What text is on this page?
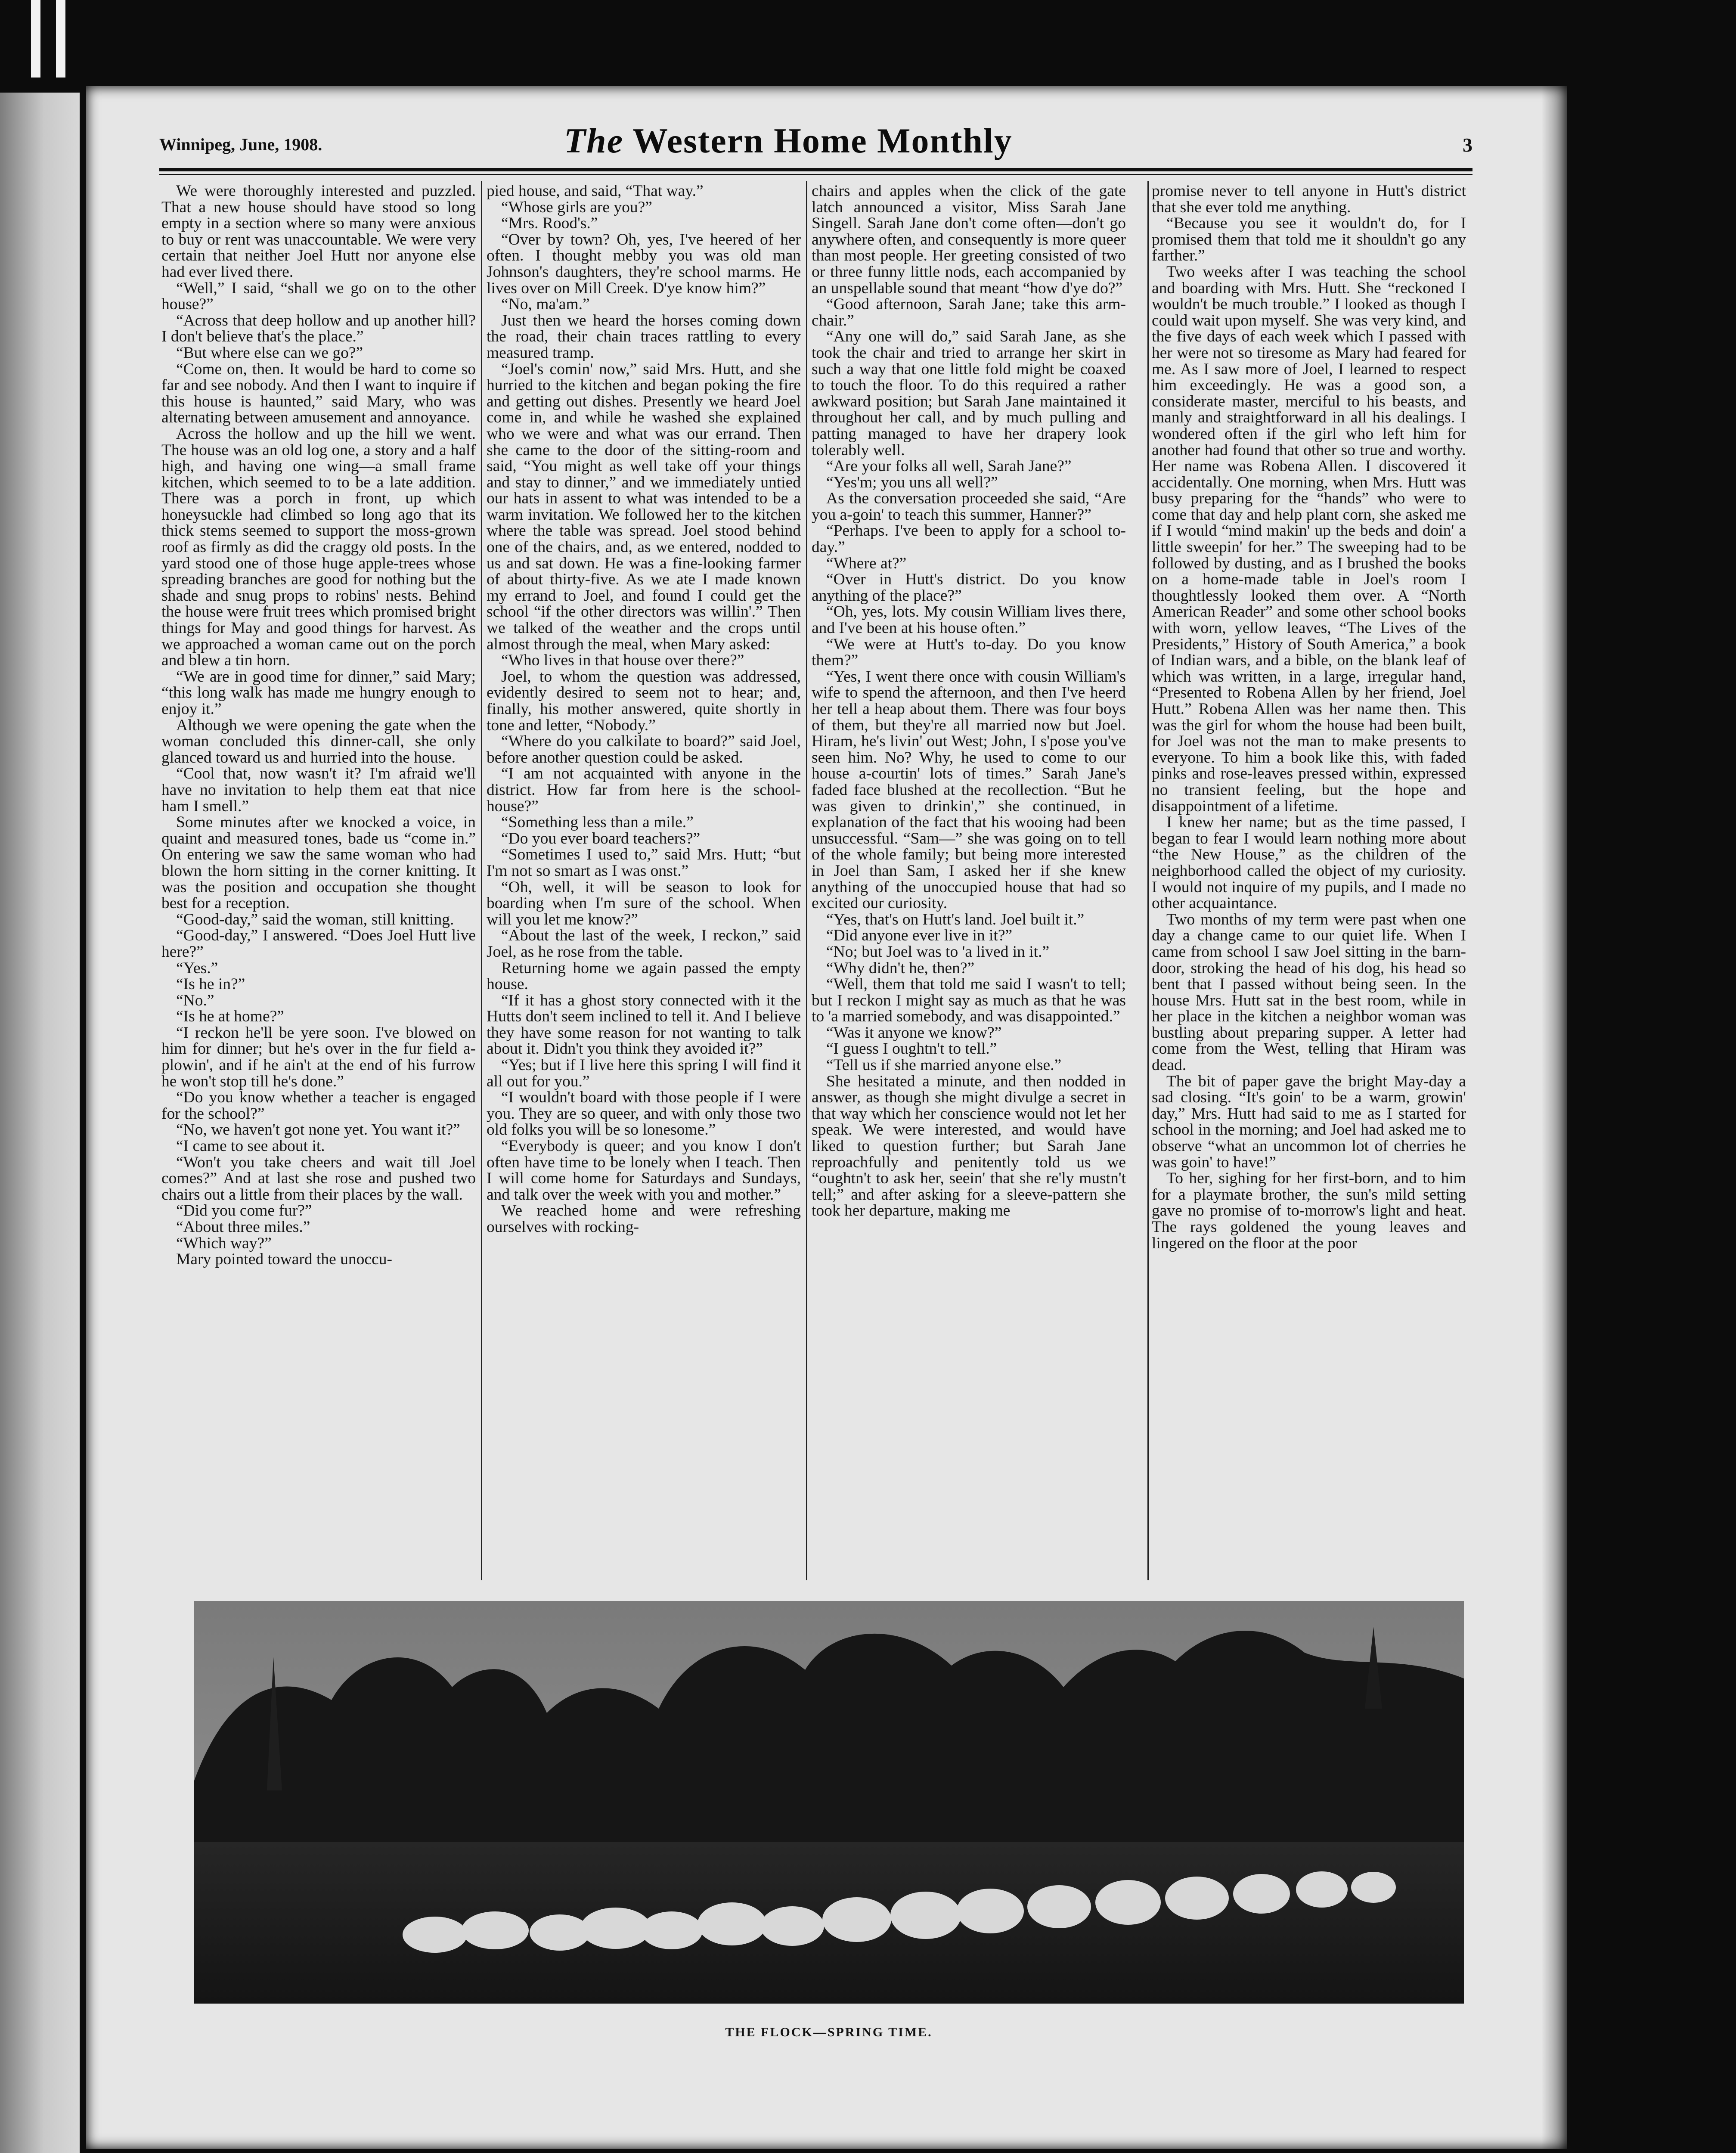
Winnipeg, June, 1908.	The Western Home Monthly	3

We were thoroughly interested and puzzled. That a new house should have stood so long empty in a section where so many were anxious to buy or rent was unaccountable. We were very certain that neither Joel Hutt nor anyone else had ever lived there.

“Well,” I said, “shall we go on to the other house?”

“Across that deep hollow and up another hill? I don't believe that's the place.”

“But where else can we go?”

“Come on, then. It would be hard to come so far and see nobody. And then I want to inquire if this house is haunted,” said Mary, who was alternating between amusement and annoyance.

Across the hollow and up the hill we went. The house was an old log one, a story and a half high, and having one wing—a small frame kitchen, which seemed to to be a late addition. There was a porch in front, up which honeysuckle had climbed so long ago that its thick stems seemed to support the moss-grown roof as firmly as did the craggy old posts. In the yard stood one of those huge apple-trees whose spreading branches are good for nothing but the shade and snug props to robins' nests. Behind the house were fruit trees which promised bright things for May and good things for harvest. As we approached a woman came out on the porch and blew a tin horn.

“We are in good time for dinner,” said Mary; “this long walk has made me hungry enough to enjoy it.”

Although we were opening the gate when the woman concluded this dinner-call, she only glanced toward us and hurried into the house.

“Cool that, now wasn't it? I'm afraid we'll have no invitation to help them eat that nice ham I smell.”

Some minutes after we knocked a voice, in quaint and measured tones, bade us “come in.” On entering we saw the same woman who had blown the horn sitting in the corner knitting. It was the position and occupation she thought best for a reception.

“Good-day,” said the woman, still knitting.

“Good-day,” I answered. “Does Joel Hutt live here?”

“Yes.”

“Is he in?”

“No.”

“Is he at home?”

“I reckon he'll be yere soon. I've blowed on him for dinner; but he's over in the fur field a-plowin', and if he ain't at the end of his furrow he won't stop till he's done.”

“Do you know whether a teacher is engaged for the school?”

“No, we haven't got none yet. You want it?”

“I came to see about it.

“Won't you take cheers and wait till Joel comes?” And at last she rose and pushed two chairs out a little from their places by the wall.

“Did you come fur?”

“About three miles.”

“Which way?”

Mary pointed toward the unoccu-

pied house, and said, “That way.”

“Whose girls are you?”

“Mrs. Rood's.”

“Over by town? Oh, yes, I've heered of her often. I thought mebby you was old man Johnson's daughters, they're school marms. He lives over on Mill Creek. D'ye know him?”

“No, ma'am.”

Just then we heard the horses coming down the road, their chain traces rattling to every measured tramp.

“Joel's comin' now,” said Mrs. Hutt, and she hurried to the kitchen and began poking the fire and getting out dishes. Presently we heard Joel come in, and while he washed she explained who we were and what was our errand. Then she came to the door of the sitting-room and said, “You might as well take off your things and stay to dinner,” and we immediately untied our hats in assent to what was intended to be a warm invitation. We followed her to the kitchen where the table was spread. Joel stood behind one of the chairs, and, as we entered, nodded to us and sat down. He was a fine-looking farmer of about thirty-five. As we ate I made known my errand to Joel, and found I could get the school “if the other directors was willin'.” Then we talked of the weather and the crops until almost through the meal, when Mary asked:

“Who lives in that house over there?”

Joel, to whom the question was addressed, evidently desired to seem not to hear; and, finally, his mother answered, quite shortly in tone and letter, “Nobody.”

“Where do you calkilate to board?” said Joel, before another question could be asked.

“I am not acquainted with anyone in the district. How far from here is the school-house?”

“Something less than a mile.”

“Do you ever board teachers?”

“Sometimes I used to,” said Mrs. Hutt; “but I'm not so smart as I was onst.”

“Oh, well, it will be season to look for boarding when I'm sure of the school. When will you let me know?”

“About the last of the week, I reckon,” said Joel, as he rose from the table.

Returning home we again passed the empty house.

“If it has a ghost story connected with it the Hutts don't seem inclined to tell it. And I believe they have some reason for not wanting to talk about it. Didn't you think they avoided it?”

“Yes; but if I live here this spring I will find it all out for you.”

“I wouldn't board with those people if I were you. They are so queer, and with only those two old folks you will be so lonesome.”

“Everybody is queer; and you know I don't often have time to be lonely when I teach. Then I will come home for Saturdays and Sundays, and talk over the week with you and mother.”

We reached home and were refreshing ourselves with rocking-

chairs and apples when the click of the gate latch announced a visitor, Miss Sarah Jane Singell. Sarah Jane don't come often—don't go anywhere often, and consequently is more queer than most people. Her greeting consisted of two or three funny little nods, each accompanied by an unspellable sound that meant “how d'ye do?”

“Good afternoon, Sarah Jane; take this arm-chair.”

“Any one will do,” said Sarah Jane, as she took the chair and tried to arrange her skirt in such a way that one little fold might be coaxed to touch the floor. To do this required a rather awkward position; but Sarah Jane maintained it throughout her call, and by much pulling and patting managed to have her drapery look tolerably well.

“Are your folks all well, Sarah Jane?”

“Yes'm; you uns all well?”

As the conversation proceeded she said, “Are you a-goin' to teach this summer, Hanner?”

“Perhaps. I've been to apply for a school to-day.”

“Where at?”

“Over in Hutt's district. Do you know anything of the place?”

“Oh, yes, lots. My cousin William lives there, and I've been at his house often.”

“We were at Hutt's to-day. Do you know them?”

“Yes, I went there once with cousin William's wife to spend the afternoon, and then I've heerd her tell a heap about them. There was four boys of them, but they're all married now but Joel. Hiram, he's livin' out West; John, I s'pose you've seen him. No? Why, he used to come to our house a-courtin' lots of times.” Sarah Jane's faded face blushed at the recollection. “But he was given to drinkin',” she continued, in explanation of the fact that his wooing had been unsuccessful. “Sam—” she was going on to tell of the whole family; but being more interested in Joel than Sam, I asked her if she knew anything of the unoccupied house that had so excited our curiosity.

“Yes, that's on Hutt's land. Joel built it.”

“Did anyone ever live in it?”

“No; but Joel was to 'a lived in it.”

“Why didn't he, then?”

“Well, them that told me said I wasn't to tell; but I reckon I might say as much as that he was to 'a married somebody, and was disappointed.”

“Was it anyone we know?”

“I guess I oughtn't to tell.”

“Tell us if she married anyone else.”

She hesitated a minute, and then nodded in answer, as though she might divulge a secret in that way which her conscience would not let her speak. We were interested, and would have liked to question further; but Sarah Jane reproachfully and penitently told us we “oughtn't to ask her, seein' that she re'ly mustn't tell;” and after asking for a sleeve-pattern she took her departure, making me

promise never to tell anyone in Hutt's district that she ever told me anything.

“Because you see it wouldn't do, for I promised them that told me it shouldn't go any farther.”

Two weeks after I was teaching the school and boarding with Mrs. Hutt. She “reckoned I wouldn't be much trouble.” I looked as though I could wait upon myself. She was very kind, and the five days of each week which I passed with her were not so tiresome as Mary had feared for me. As I saw more of Joel, I learned to respect him exceedingly. He was a good son, a considerate master, merciful to his beasts, and manly and straightforward in all his dealings. I wondered often if the girl who left him for another had found that other so true and worthy. Her name was Robena Allen. I discovered it accidentally. One morning, when Mrs. Hutt was busy preparing for the “hands” who were to come that day and help plant corn, she asked me if I would “mind makin' up the beds and doin' a little sweepin' for her.” The sweeping had to be followed by dusting, and as I brushed the books on a home-made table in Joel's room I thoughtlessly looked them over. A “North American Reader” and some other school books with worn, yellow leaves, “The Lives of the Presidents,” History of South America,” a book of Indian wars, and a bible, on the blank leaf of which was written, in a large, irregular hand, “Presented to Robena Allen by her friend, Joel Hutt.” Robena Allen was her name then. This was the girl for whom the house had been built, for Joel was not the man to make presents to everyone. To him a book like this, with faded pinks and rose-leaves pressed within, expressed no transient feeling, but the hope and disappointment of a lifetime.

I knew her name; but as the time passed, I began to fear I would learn nothing more about “the New House,” as the children of the neighborhood called the object of my curiosity. I would not inquire of my pupils, and I made no other acquaintance.

Two months of my term were past when one day a change came to our quiet life. When I came from school I saw Joel sitting in the barn-door, stroking the head of his dog, his head so bent that I passed without being seen. In the house Mrs. Hutt sat in the best room, while in her place in the kitchen a neighbor woman was bustling about preparing supper. A letter had come from the West, telling that Hiram was dead.

The bit of paper gave the bright May-day a sad closing. “It's goin' to be a warm, growin' day,” Mrs. Hutt had said to me as I started for school in the morning; and Joel had asked me to observe “what an uncommon lot of cherries he was goin' to have!”

To her, sighing for her first-born, and to him for a playmate brother, the sun's mild setting gave no promise of to-morrow's light and heat. The rays goldened the young leaves and lingered on the floor at the poor

THE FLOCK—SPRING TIME.
